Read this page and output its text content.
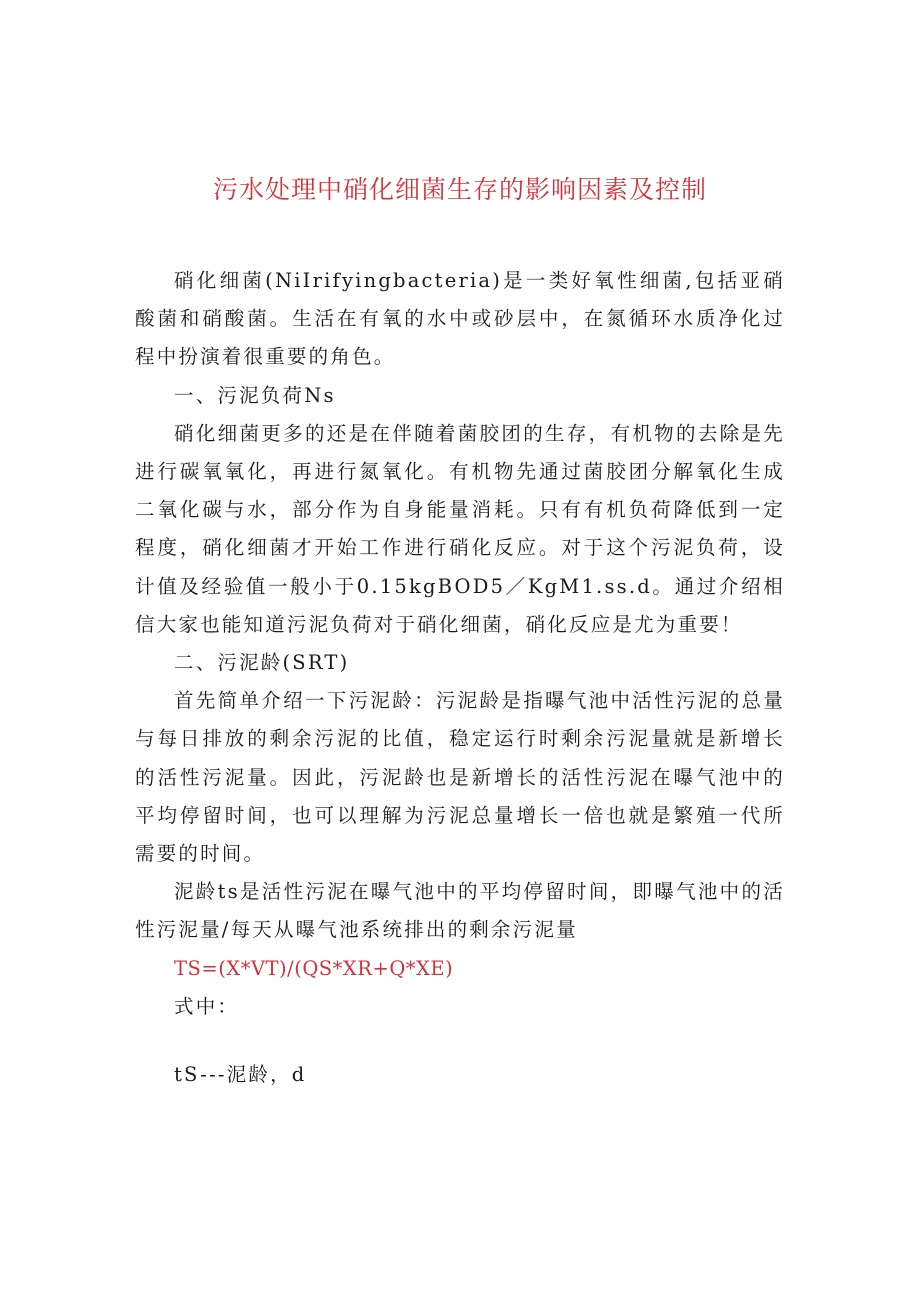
污水处理中硝化细菌生存的影响因素及控制

硝化细菌(NiIrifyingbacteria)是一类好氧性细菌,包括亚硝酸菌和硝酸菌。生活在有氧的水中或砂层中，在氮循环水质净化过程中扮演着很重要的角色。

一、污泥负荷Ns

硝化细菌更多的还是在伴随着菌胶团的生存，有机物的去除是先进行碳氧氧化，再进行氮氧化。有机物先通过菌胶团分解氧化生成二氧化碳与水，部分作为自身能量消耗。只有有机负荷降低到一定程度，硝化细菌才开始工作进行硝化反应。对于这个污泥负荷，设计值及经验值一般小于0.15kgBOD5／KgM1.ss.d。通过介绍相信大家也能知道污泥负荷对于硝化细菌，硝化反应是尤为重要！

二、污泥龄(SRT)

首先简单介绍一下污泥龄：污泥龄是指曝气池中活性污泥的总量与每日排放的剩余污泥的比值，稳定运行时剩余污泥量就是新增长的活性污泥量。因此，污泥龄也是新增长的活性污泥在曝气池中的平均停留时间，也可以理解为污泥总量增长一倍也就是繁殖一代所需要的时间。

泥龄ts是活性污泥在曝气池中的平均停留时间，即曝气池中的活性污泥量/每天从曝气池系统排出的剩余污泥量

TS=(X*VT)/(QS*XR+Q*XE)

式中：

tS---泥龄，d
